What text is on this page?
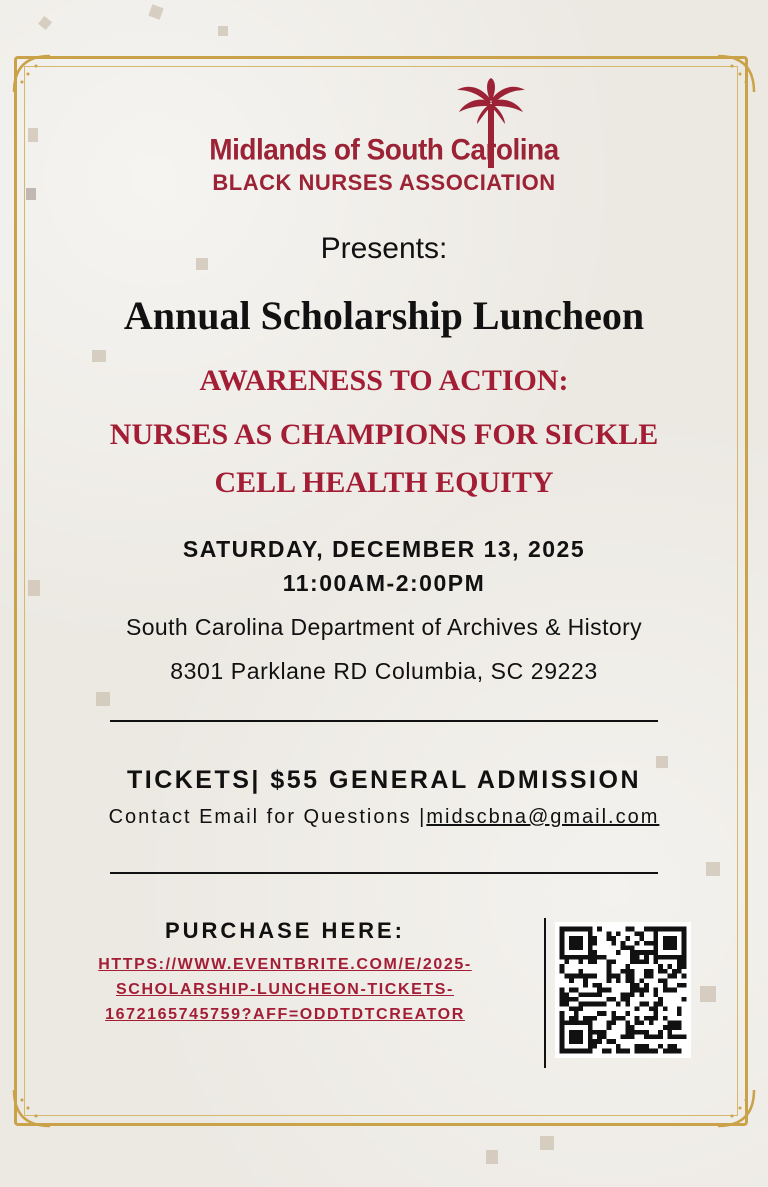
Midlands of South Carolina
BLACK NURSES ASSOCIATION
Presents:
Annual Scholarship Luncheon
AWARENESS TO ACTION:
NURSES AS CHAMPIONS FOR SICKLE
CELL HEALTH EQUITY
SATURDAY, DECEMBER 13, 2025
11:00AM-2:00PM
South Carolina Department of Archives & History
8301 Parklane RD Columbia, SC 29223
TICKETS| $55 GENERAL ADMISSION
Contact Email for Questions |midscbna@gmail.com
PURCHASE HERE:
HTTPS://WWW.EVENTBRITE.COM/E/2025-
SCHOLARSHIP-LUNCHEON-TICKETS-
1672165745759?AFF=ODDTDTCREATOR
